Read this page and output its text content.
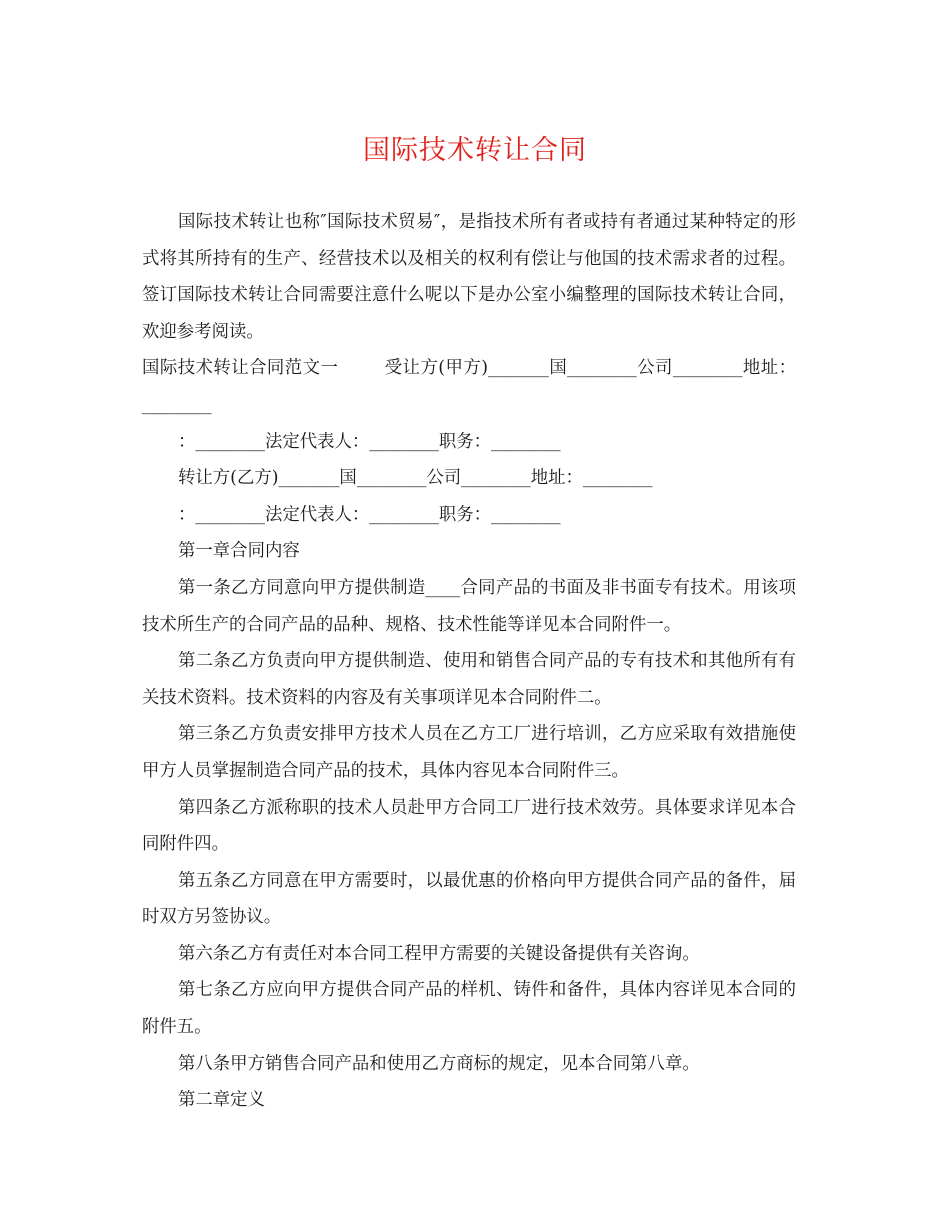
国际技术转让合同

国际技术转让也称″国际技术贸易″，是指技术所有者或持有者通过某种特定的形式将其所持有的生产、经营技术以及相关的权利有偿让与他国的技术需求者的过程。签订国际技术转让合同需要注意什么呢以下是办公室小编整理的国际技术转让合同，欢迎参考阅读。

国际技术转让合同范文一	受让方(甲方)_______国________公司________地址：________

：________法定代表人：________职务：________

转让方(乙方)_______国________公司________地址：________

：________法定代表人：________职务：________

第一章合同内容

第一条乙方同意向甲方提供制造____合同产品的书面及非书面专有技术。用该项技术所生产的合同产品的品种、规格、技术性能等详见本合同附件一。

第二条乙方负责向甲方提供制造、使用和销售合同产品的专有技术和其他所有有关技术资料。技术资料的内容及有关事项详见本合同附件二。

第三条乙方负责安排甲方技术人员在乙方工厂进行培训，乙方应采取有效措施使甲方人员掌握制造合同产品的技术，具体内容见本合同附件三。

第四条乙方派称职的技术人员赴甲方合同工厂进行技术效劳。具体要求详见本合同附件四。

第五条乙方同意在甲方需要时，以最优惠的价格向甲方提供合同产品的备件，届时双方另签协议。

第六条乙方有责任对本合同工程甲方需要的关键设备提供有关咨询。

第七条乙方应向甲方提供合同产品的样机、铸件和备件，具体内容详见本合同的附件五。

第八条甲方销售合同产品和使用乙方商标的规定，见本合同第八章。

第二章定义
